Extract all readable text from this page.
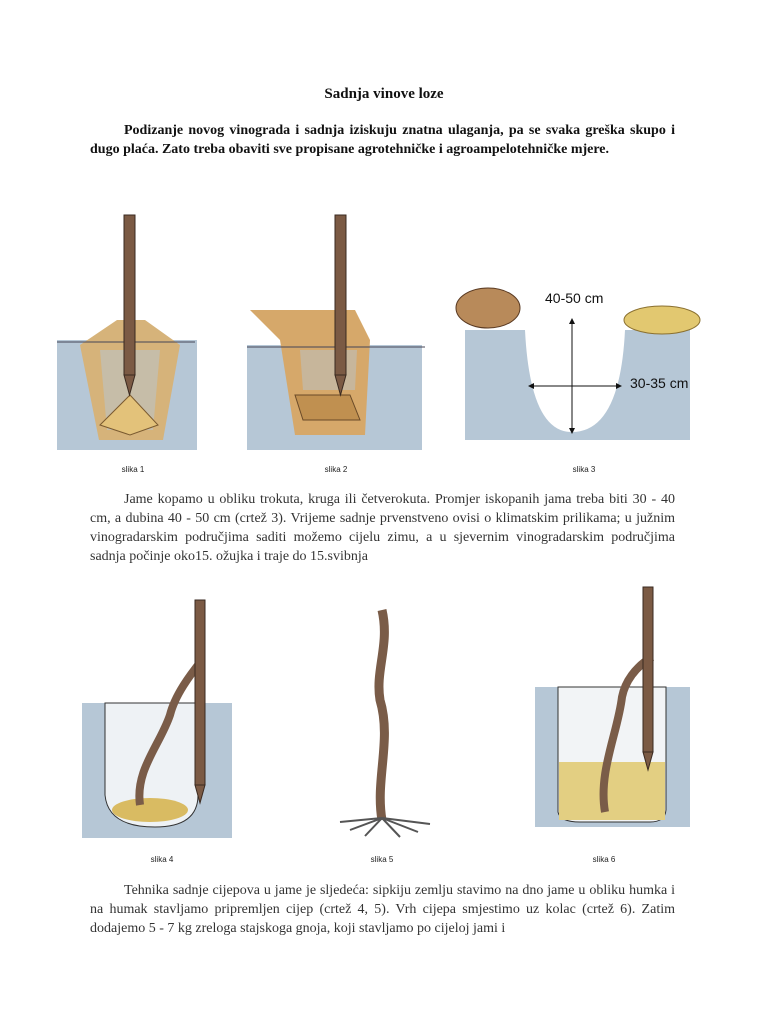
Sadnja vinove loze

Podizanje novog vinograda i sadnja iziskuju znatna ulaganja, pa se svaka greška skupo i dugo plaća. Zato treba obaviti sve propisane agrotehničke i agroampelotehničke mjere.

slika 1	slika 2
40-50 cm
30-35 cm
slika 3

Jame kopamo u obliku trokuta, kruga ili četverokuta. Promjer iskopanih jama treba biti 30 - 40 cm, a dubina 40 - 50 cm (crtež 3). Vrijeme sadnje prvenstveno ovisi o klimatskim prilikama; u južnim vinogradarskim područjima saditi možemo cijelu zimu, a u sjevernim vinogradarskim područjima sadnja počinje oko15. ožujka i traje do 15.svibnja

slika 4	slika 5	slika 6

Tehnika sadnje cijepova u jame je sljedeća: sipkiju zemlju stavimo na dno jame u obliku humka i na humak stavljamo pripremljen cijep (crtež 4, 5). Vrh cijepa smjestimo uz kolac (crtež 6). Zatim dodajemo 5 - 7 kg zreloga stajskoga gnoja, koji stavljamo po cijeloj jami i
